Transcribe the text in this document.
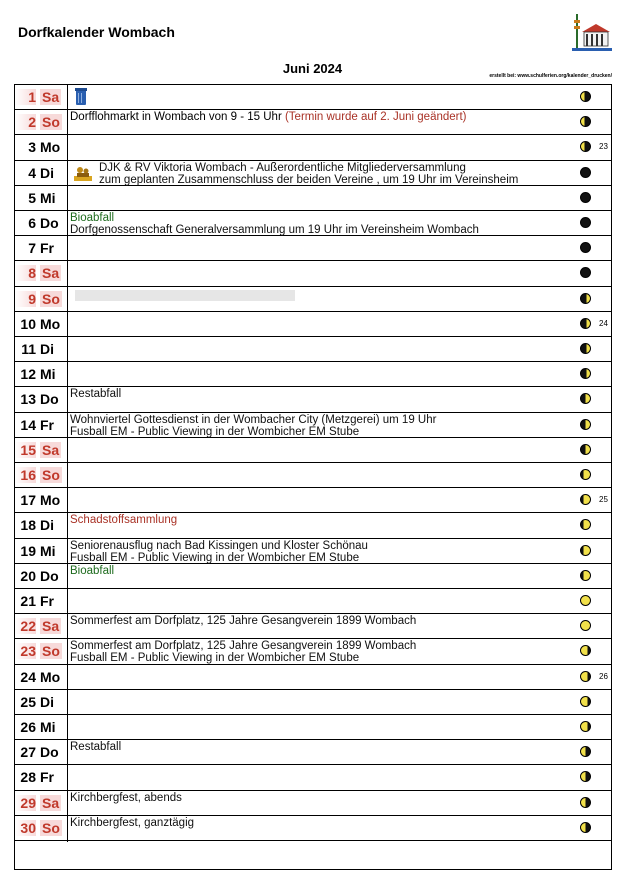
Dorfkalender Wombach
Juni 2024	erstellt bei: www.schulferien.org/kalender_drucken/
1 Sa
2 So Dorfflohmarkt in Wombach von 9 - 15 Uhr (Termin wurde auf 2. Juni geändert)
3 Mo	23
4 Di	DJK & RV Viktoria Wombach - Außerordentliche Mitgliederversammlung
zum geplanten Zusammenschluss der beiden Vereine , um 19 Uhr im Vereinsheim
5 Mi
6 Do Bioabfall
Dorfgenossenschaft Generalversammlung um 19 Uhr im Vereinsheim Wombach
7 Fr
8 Sa
9 So
10 Mo	24
11 Di
12 Mi
13 Do Restabfall
14 Fr Wohnviertel Gottesdienst in der Wombacher City (Metzgerei) um 19 Uhr
Fusball EM - Public Viewing in der Wombicher EM Stube
15 Sa
16 So
17 Mo	25
18 Di Schadstoffsammlung
19 Mi Seniorenausflug nach Bad Kissingen und Kloster Schönau
Fusball EM - Public Viewing in der Wombicher EM Stube
20 Do Bioabfall
21 Fr
22 Sa Sommerfest am Dorfplatz, 125 Jahre Gesangverein 1899 Wombach
23 So Sommerfest am Dorfplatz, 125 Jahre Gesangverein 1899 Wombach
Fusball EM - Public Viewing in der Wombicher EM Stube
24 Mo	26
25 Di
26 Mi
27 Do Restabfall
28 Fr
29 Sa Kirchbergfest, abends
30 So Kirchbergfest, ganztägig
